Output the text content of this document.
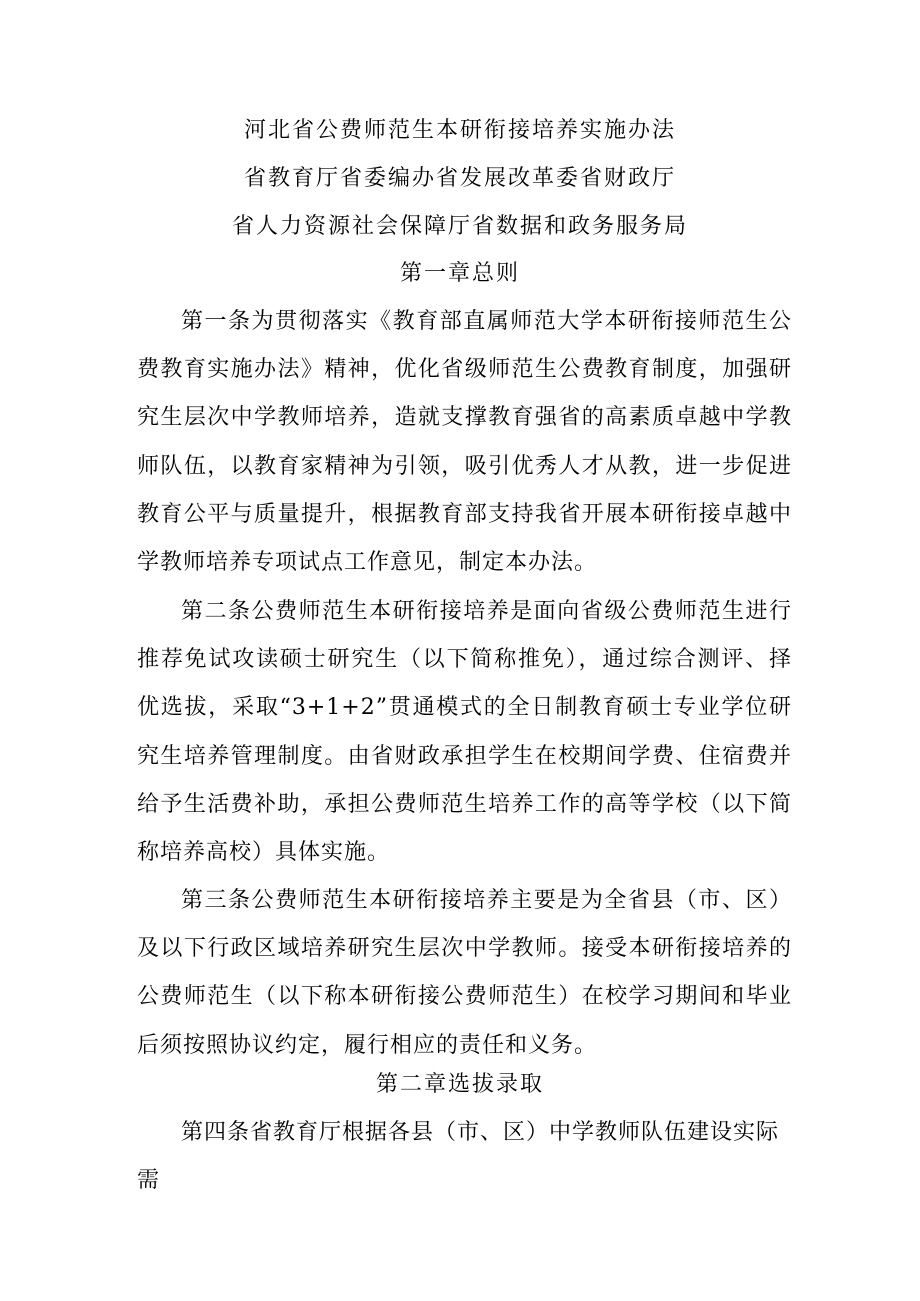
河北省公费师范生本研衔接培养实施办法
省教育厅省委编办省发展改革委省财政厅
省人力资源社会保障厅省数据和政务服务局
第一章总则

第一条为贯彻落实《教育部直属师范大学本研衔接师范生公费教育实施办法》精神，优化省级师范生公费教育制度，加强研究生层次中学教师培养，造就支撑教育强省的高素质卓越中学教师队伍，以教育家精神为引领，吸引优秀人才从教，进一步促进教育公平与质量提升，根据教育部支持我省开展本研衔接卓越中学教师培养专项试点工作意见，制定本办法。

第二条公费师范生本研衔接培养是面向省级公费师范生进行推荐免试攻读硕士研究生（以下简称推免），通过综合测评、择优选拔，采取“3+1+2”贯通模式的全日制教育硕士专业学位研究生培养管理制度。由省财政承担学生在校期间学费、住宿费并给予生活费补助，承担公费师范生培养工作的高等学校（以下简称培养高校）具体实施。

第三条公费师范生本研衔接培养主要是为全省县（市、区）及以下行政区域培养研究生层次中学教师。接受本研衔接培养的公费师范生（以下称本研衔接公费师范生）在校学习期间和毕业后须按照协议约定，履行相应的责任和义务。

第二章选拔录取

第四条省教育厅根据各县（市、区）中学教师队伍建设实际需
